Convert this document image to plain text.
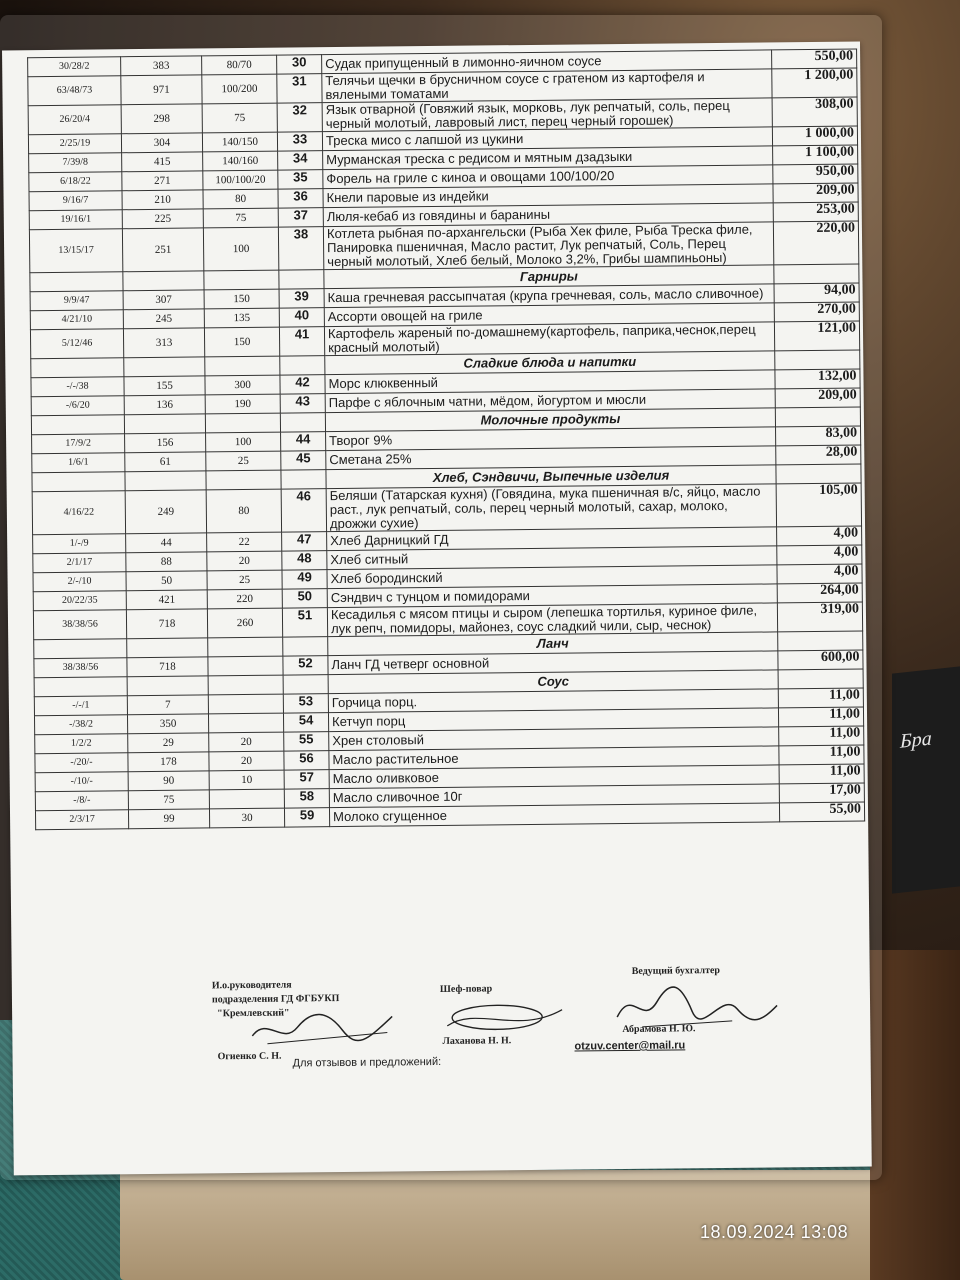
Бра
30/28/2	383	80/70	30	Судак припущенный в лимонно-яичном соусе	550,00
63/48/73	971	100/200	31	Телячьи щечки в брусничном соусе с гратеном из картофеля и вялеными томатами	1 200,00
26/20/4	298	75	32	Язык отварной (Говяжий язык, морковь, лук репчатый, соль, перец черный молотый, лавровый лист, перец черный горошек)	308,00
2/25/19	304	140/150	33	Треска мисо с лапшой из цукини	1 000,00
7/39/8	415	140/160	34	Мурманская треска с редисом и мятным дзадзыки	1 100,00
6/18/22	271	100/100/20	35	Форель на гриле с киноа и овощами 100/100/20	950,00
9/16/7	210	80	36	Кнели паровые из индейки	209,00
19/16/1	225	75	37	Люля-кебаб из говядины и баранины	253,00
13/15/17	251	100	38	Котлета рыбная по-архангельски (Рыба Хек филе, Рыба Треска филе, Панировка пшеничная, Масло растит, Лук репчатый, Соль, Перец черный молотый, Хлеб белый, Молоко 3,2%, Грибы шампиньоны)	220,00
				Гарниры	
9/9/47	307	150	39	Каша гречневая рассыпчатая (крупа гречневая, соль, масло сливочное)	94,00
4/21/10	245	135	40	Ассорти овощей на гриле	270,00
5/12/46	313	150	41	Картофель жареный по-домашнему(картофель, паприка,чеснок,перец красный молотый)	121,00
				Сладкие блюда и напитки	
-/-/38	155	300	42	Морс клюквенный	132,00
-/6/20	136	190	43	Парфе с яблочным чатни, мёдом, йогуртом и мюсли	209,00
				Молочные продукты	
17/9/2	156	100	44	Творог 9%	83,00
1/6/1	61	25	45	Сметана 25%	28,00
				Хлеб, Сэндвичи, Выпечные изделия	
4/16/22	249	80	46	Беляши (Татарская кухня) (Говядина, мука пшеничная в/с, яйцо, масло раст., лук репчатый, соль, перец черный молотый, сахар, молоко, дрожжи сухие)	105,00
1/-/9	44	22	47	Хлеб Дарницкий ГД	4,00
2/1/17	88	20	48	Хлеб ситный	4,00
2/-/10	50	25	49	Хлеб бородинский	4,00
20/22/35	421	220	50	Сэндвич с тунцом и помидорами	264,00
38/38/56	718	260	51	Кесадилья с мясом птицы и сыром (лепешка тортилья, куриное филе, лук репч, помидоры, майонез, соус сладкий чили, сыр, чеснок)	319,00
				Ланч	
38/38/56	718		52	Ланч ГД четверг основной	600,00
				Соус	
-/-/1	7		53	Горчица порц.	11,00
-/38/2	350		54	Кетчуп порц	11,00
1/2/2	29	20	55	Хрен столовый	11,00
-/20/-	178	20	56	Масло растительное	11,00
-/10/-	90	10	57	Масло оливковое	11,00
-/8/-	75		58	Масло сливочное 10г	17,00
2/3/17	99	30	59	Молоко сгущенное	55,00
И.о.руководителя
подразделения ГД ФГБУКП
"Кремлевский"
Огиенко С. Н.
Шеф-повар
Лаханова Н. Н.
Ведущий бухгалтер
Абрамова Н. Ю.
Для отзывов и предложений:
otzuv.center@mail.ru
18.09.2024 13:08
